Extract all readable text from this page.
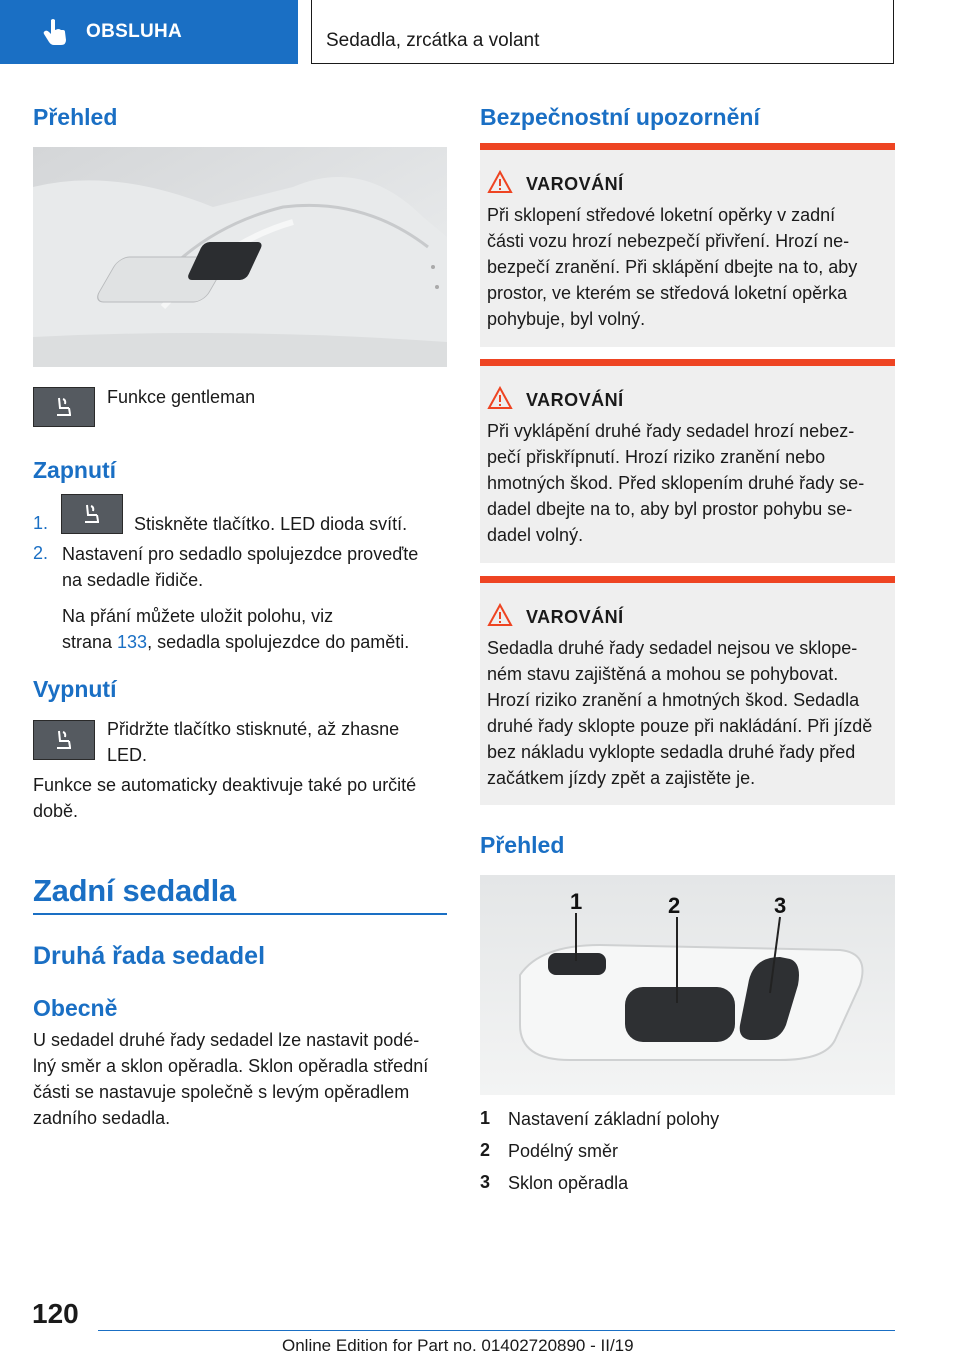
OBSLUHA	Sedadla, zrcátka a volant
Přehled
Funkce gentleman
Zapnutí
1.	Stiskněte tlačítko. LED dioda svítí.
2. Nastavení pro sedadlo spolujezdce proveďte
na sedadle řidiče.
Na přání můžete uložit polohu, viz
strana 133, sedadla spolujezdce do paměti.
Vypnutí
Přidržte tlačítko stisknuté, až zhasne
LED.
Funkce se automaticky deaktivuje také po určité
době.
Zadní sedadla
Druhá řada sedadel
Obecně
U sedadel druhé řady sedadel lze nastavit podé-
lný směr a sklon opěradla. Sklon opěradla střední
části se nastavuje společně s levým opěradlem
zadního sedadla.
Bezpečnostní upozornění
VAROVÁNÍ
Při sklopení středové loketní opěrky v zadní
části vozu hrozí nebezpečí přivření. Hrozí ne-
bezpečí zranění. Při sklápění dbejte na to, aby
prostor, ve kterém se středová loketní opěrka
pohybuje, byl volný.
VAROVÁNÍ
Při vyklápění druhé řady sedadel hrozí nebez-
pečí přiskřípnutí. Hrozí riziko zranění nebo
hmotných škod. Před sklopením druhé řady se-
dadel dbejte na to, aby byl prostor pohybu se-
dadel volný.
VAROVÁNÍ
Sedadla druhé řady sedadel nejsou ve sklope-
ném stavu zajištěná a mohou se pohybovat.
Hrozí riziko zranění a hmotných škod. Sedadla
druhé řady sklopte pouze při nakládání. Při jízdě
bez nákladu vyklopte sedadla druhé řady před
začátkem jízdy zpět a zajistěte je.
Přehled
1	2	3
1 Nastavení základní polohy
2 Podélný směr
3 Sklon opěradla
120
Online Edition for Part no. 01402720890 - II/19
